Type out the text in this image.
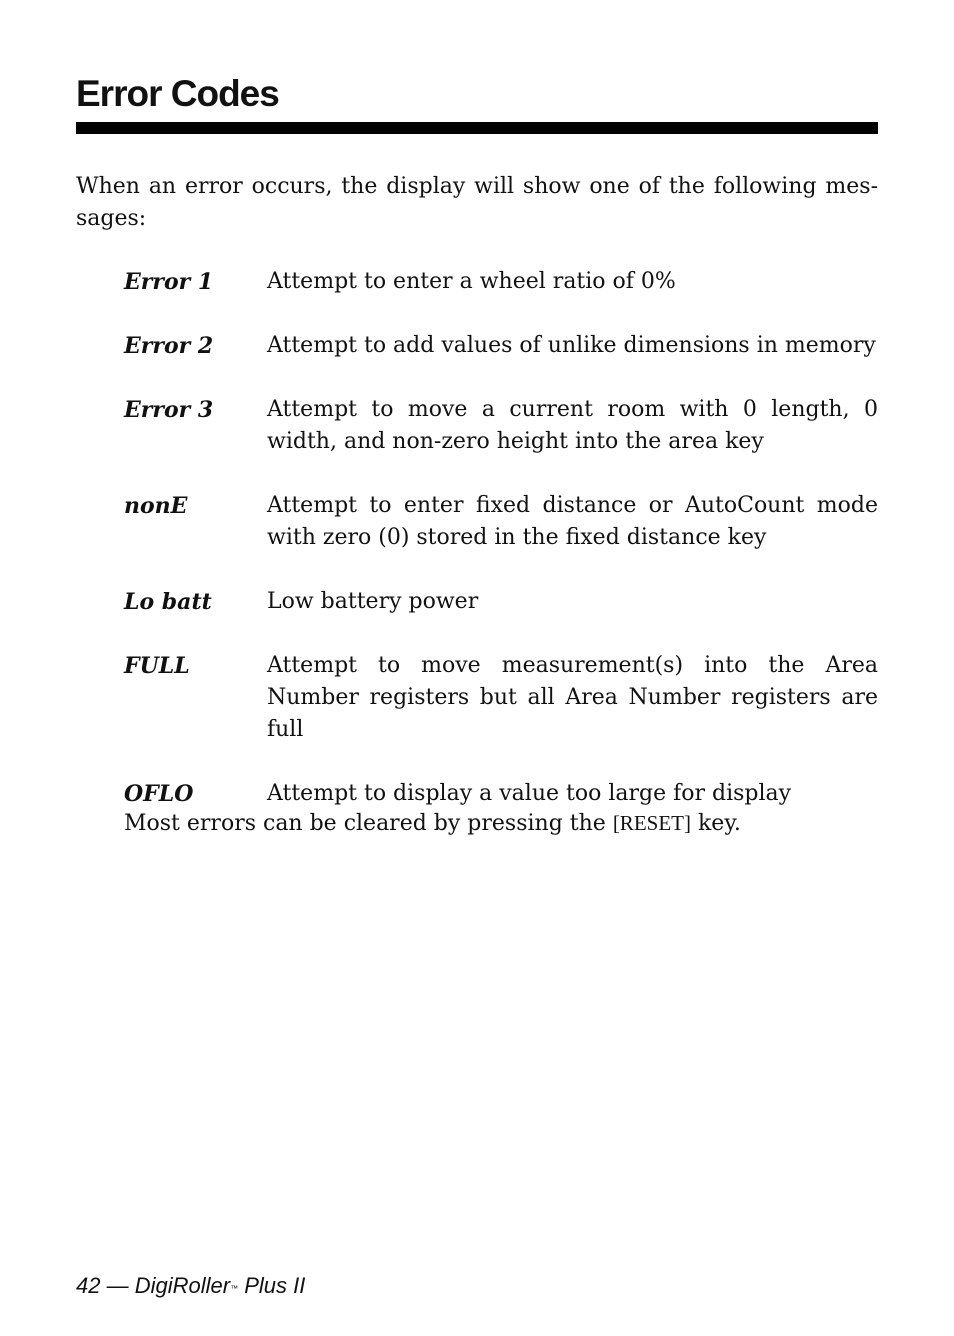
Error Codes

When an error occurs, the display will show one of the following mes-sages:

Error 1	Attempt to enter a wheel ratio of 0%
Error 2	Attempt to add values of unlike dimensions in memory
Error 3	Attempt to move a current room with 0 length, 0 width, and non-zero height into the area key
nonE	Attempt to enter fixed distance or AutoCount mode with zero (0) stored in the fixed distance key
Lo batt	Low battery power
FULL	Attempt to move measurement(s) into the Area Number registers but all Area Number registers are full
OFLO	Attempt to display a value too large for display

Most errors can be cleared by pressing the [RESET] key.

42 — DigiRoller™ Plus II
